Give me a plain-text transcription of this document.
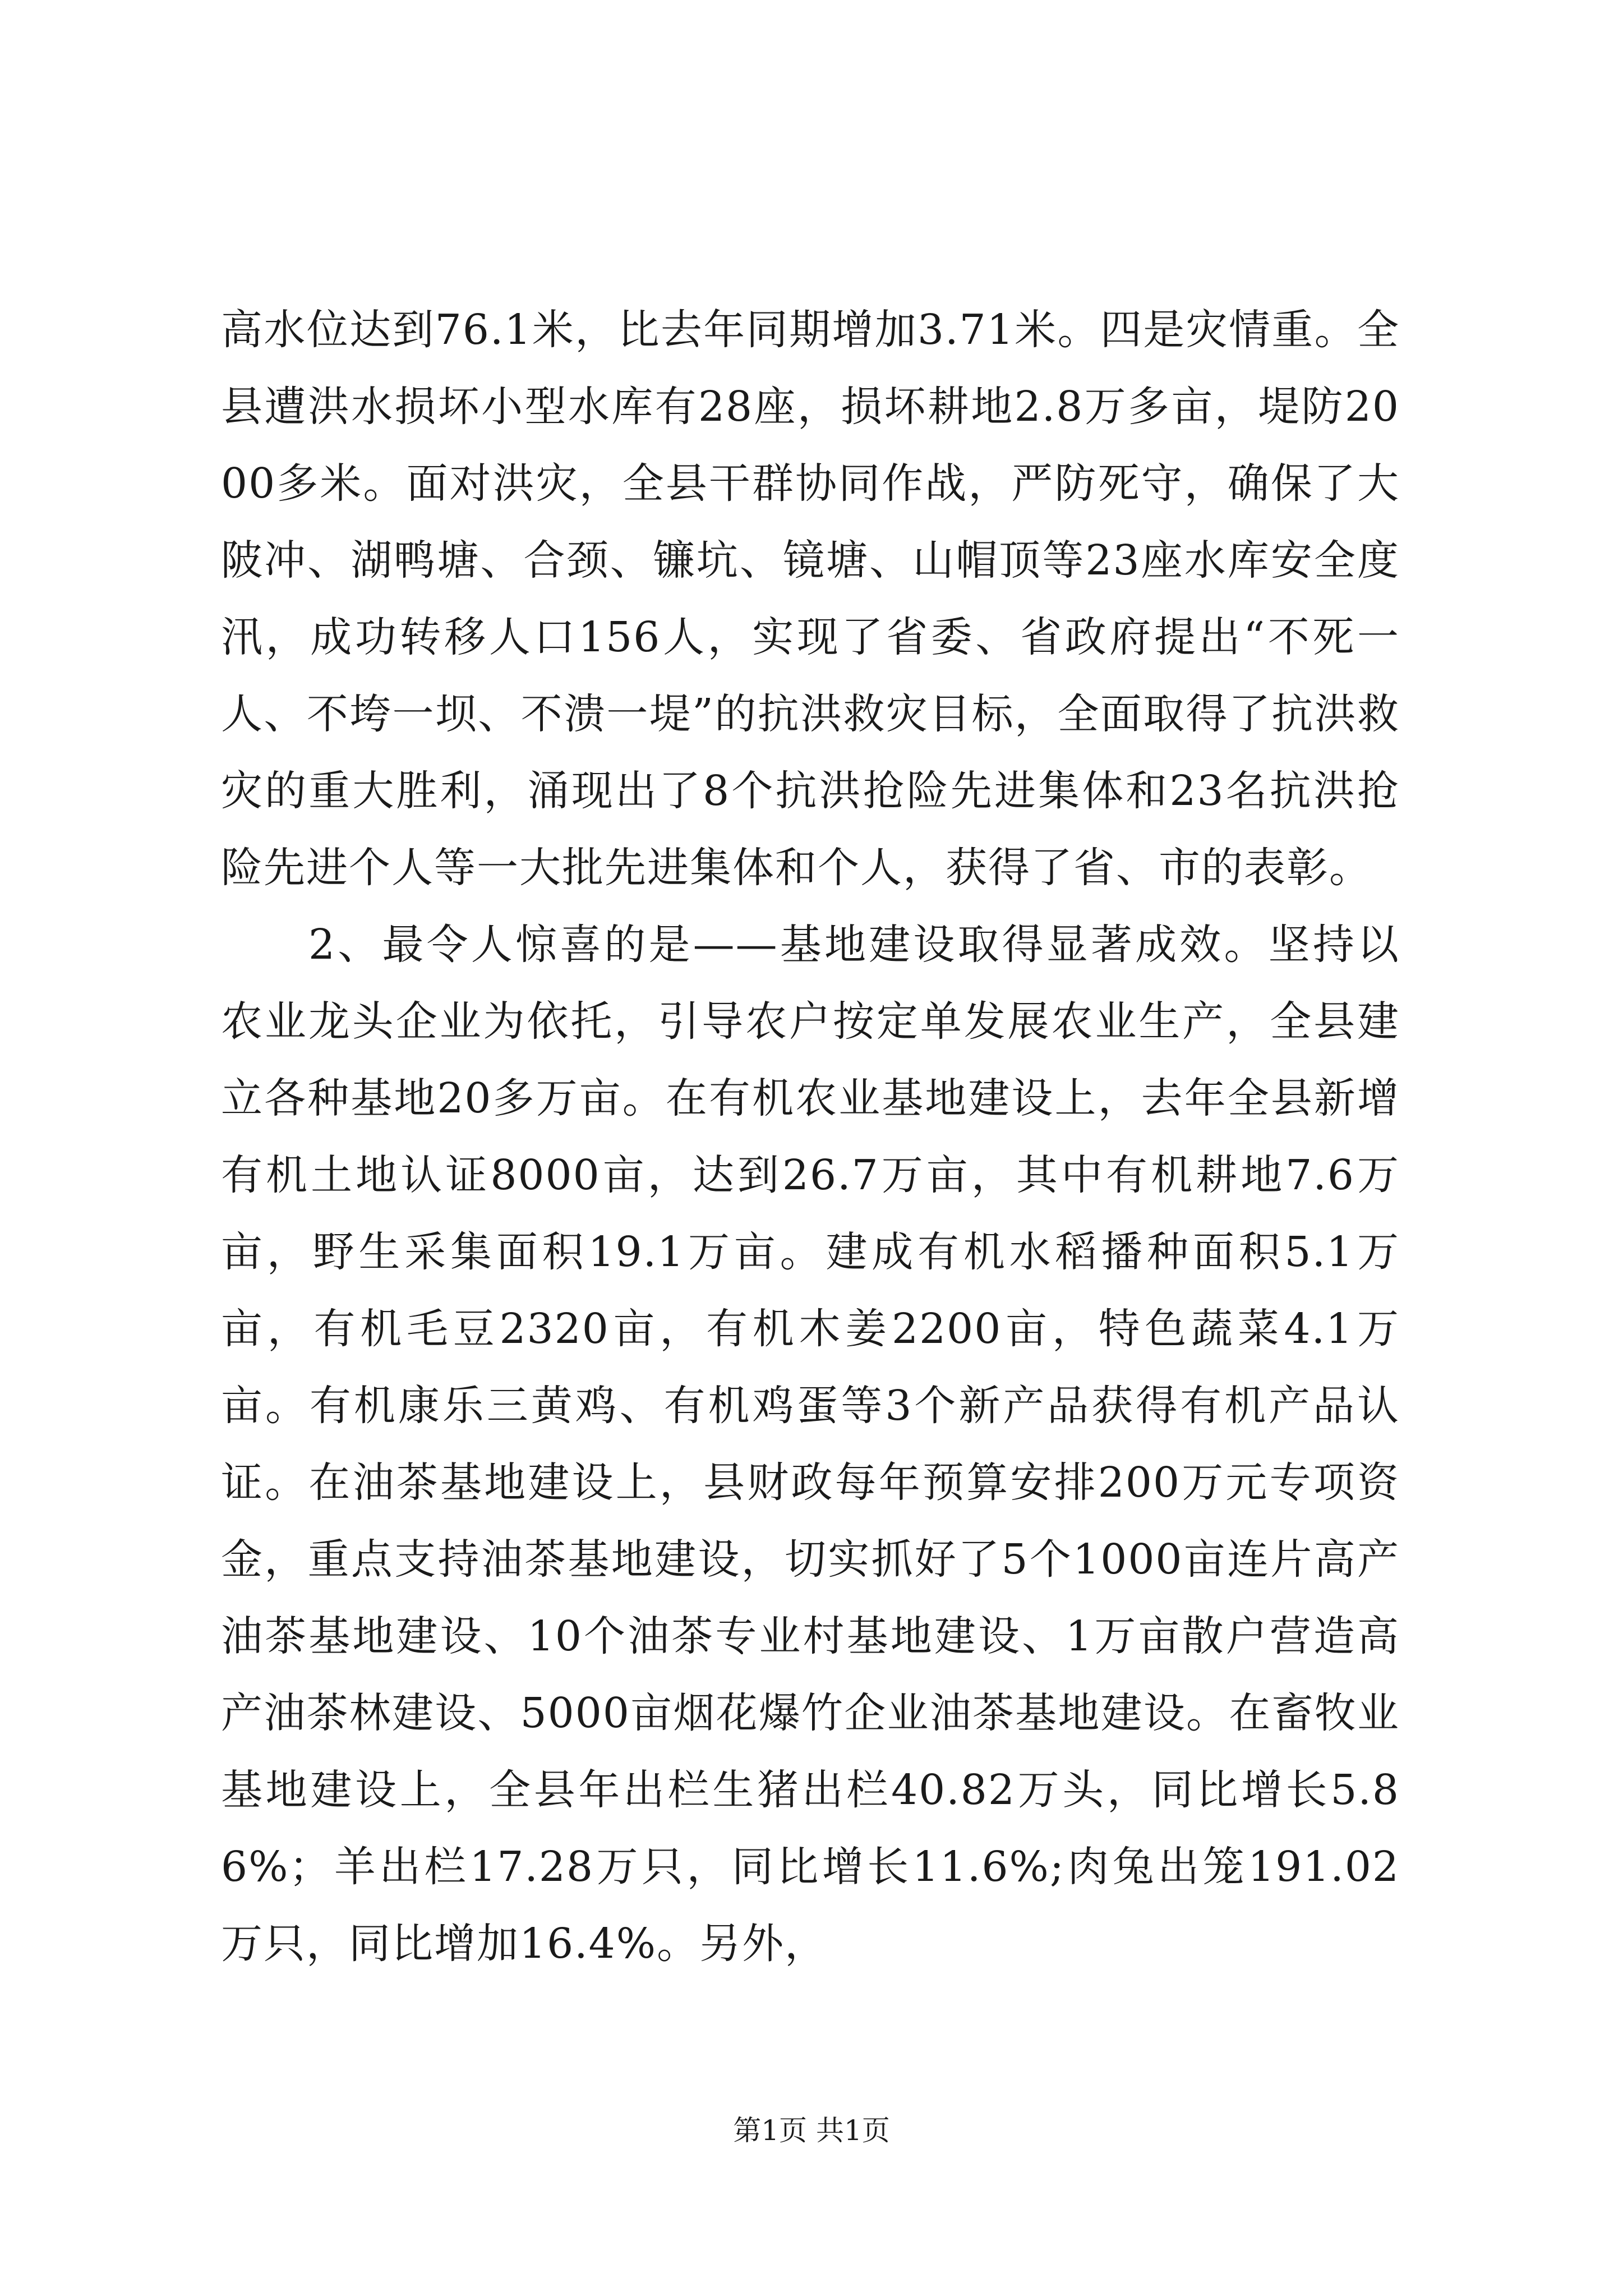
高水位达到76.1米，比去年同期增加3.71米。四是灾情重。全县遭洪水损坏小型水库有28座，损坏耕地2.8万多亩，堤防2000多米。面对洪灾，全县干群协同作战，严防死守，确保了大陂冲、湖鸭塘、合颈、镰坑、镜塘、山帽顶等23座水库安全度汛，成功转移人口156人，实现了省委、省政府提出“不死一人、不垮一坝、不溃一堤”的抗洪救灾目标，全面取得了抗洪救灾的重大胜利，涌现出了8个抗洪抢险先进集体和23名抗洪抢险先进个人等一大批先进集体和个人，获得了省、市的表彰。

2、最令人惊喜的是——基地建设取得显著成效。坚持以农业龙头企业为依托，引导农户按定单发展农业生产，全县建立各种基地20多万亩。在有机农业基地建设上，去年全县新增有机土地认证8000亩，达到26.7万亩，其中有机耕地7.6万亩，野生采集面积19.1万亩。建成有机水稻播种面积5.1万亩，有机毛豆2320亩，有机木姜2200亩，特色蔬菜4.1万亩。有机康乐三黄鸡、有机鸡蛋等3个新产品获得有机产品认证。在油茶基地建设上，县财政每年预算安排200万元专项资金，重点支持油茶基地建设，切实抓好了5个1000亩连片高产油茶基地建设、10个油茶专业村基地建设、1万亩散户营造高产油茶林建设、5000亩烟花爆竹企业油茶基地建设。在畜牧业基地建设上，全县年出栏生猪出栏40.82万头，同比增长5.86%；羊出栏17.28万只，同比增长11.6%;肉兔出笼191.02万只，同比增加16.4%。另外，

第1页 共1页
